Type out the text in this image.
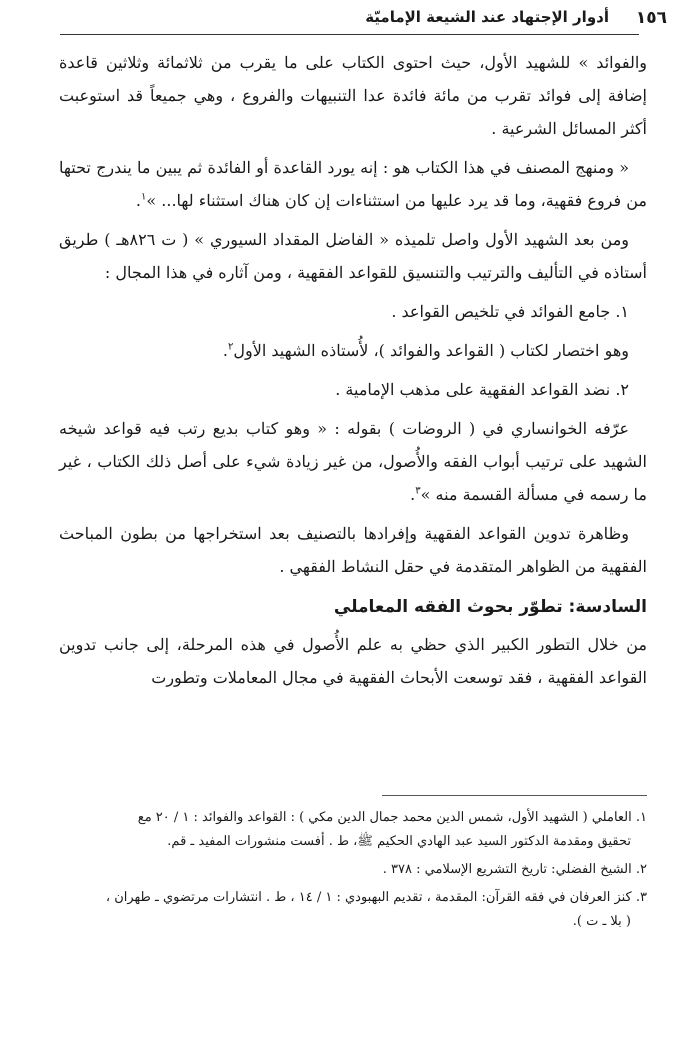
١٥٦
أدوار الإجتهاد عند الشيعة الإماميّة

والفوائد » للشهيد الأول، حيث احتوى الكتاب على ما يقرب من ثلاثمائة وثلاثين قاعدة إضافة إلى فوائد تقرب من مائة فائدة عدا التنبيهات والفروع ، وهي جميعاً قد استوعبت أكثر المسائل الشرعية .

« ومنهج المصنف في هذا الكتاب هو : إنه يورد القاعدة أو الفائدة ثم يبين ما يندرج تحتها من فروع فقهية، وما قد يرد عليها من استثناءات إن كان هناك استثناء لها... »$^١$.

ومن بعد الشهيد الأول واصل تلميذه « الفاضل المقداد السيوري » ( ت ٨٢٦هـ ) طريق أستاذه في التأليف والترتيب والتنسيق للقواعد الفقهية ، ومن آثاره في هذا المجال :

١. جامع الفوائد في تلخيص القواعد .

وهو اختصار لكتاب ( القواعد والفوائد )، لأُستاذه الشهيد الأول$^٢$.

٢. نضد القواعد الفقهية على مذهب الإمامية .

عرّفه الخوانساري في ( الروضات ) بقوله : « وهو كتاب بديع رتب فيه قواعد شيخه الشهيد على ترتيب أبواب الفقه والأُصول، من غير زيادة شيء على أصل ذلك الكتاب ، غير ما رسمه في مسألة القسمة منه »$^٣$.

وظاهرة تدوين القواعد الفقهية وإفرادها بالتصنيف بعد استخراجها من بطون المباحث الفقهية من الظواهر المتقدمة في حقل النشاط الفقهي .

السادسة: تطوّر بحوث الفقه المعاملي

من خلال التطور الكبير الذي حظي به علم الأُصول في هذه المرحلة، إلى جانب تدوين القواعد الفقهية ، فقد توسعت الأبحاث الفقهية في مجال المعاملات وتطورت

١. العاملي ( الشهيد الأول، شمس الدين محمد جمال الدين مكي ) : القواعد والفوائد : ١ / ٢٠ مع
تحقيق ومقدمة الدكتور السيد عبد الهادي الحكيم ﷺ، ط . أفست منشورات المفيد ـ قم.

٢. الشيخ الفضلي: تاريخ التشريع الإسلامي : ٣٧٨ .

٣. كنز العرفان في فقه القرآن: المقدمة ، تقديم البهبودي : ١ / ١٤ ، ط . انتشارات مرتضوي ـ طهران ،
( بلا ـ ت ).
